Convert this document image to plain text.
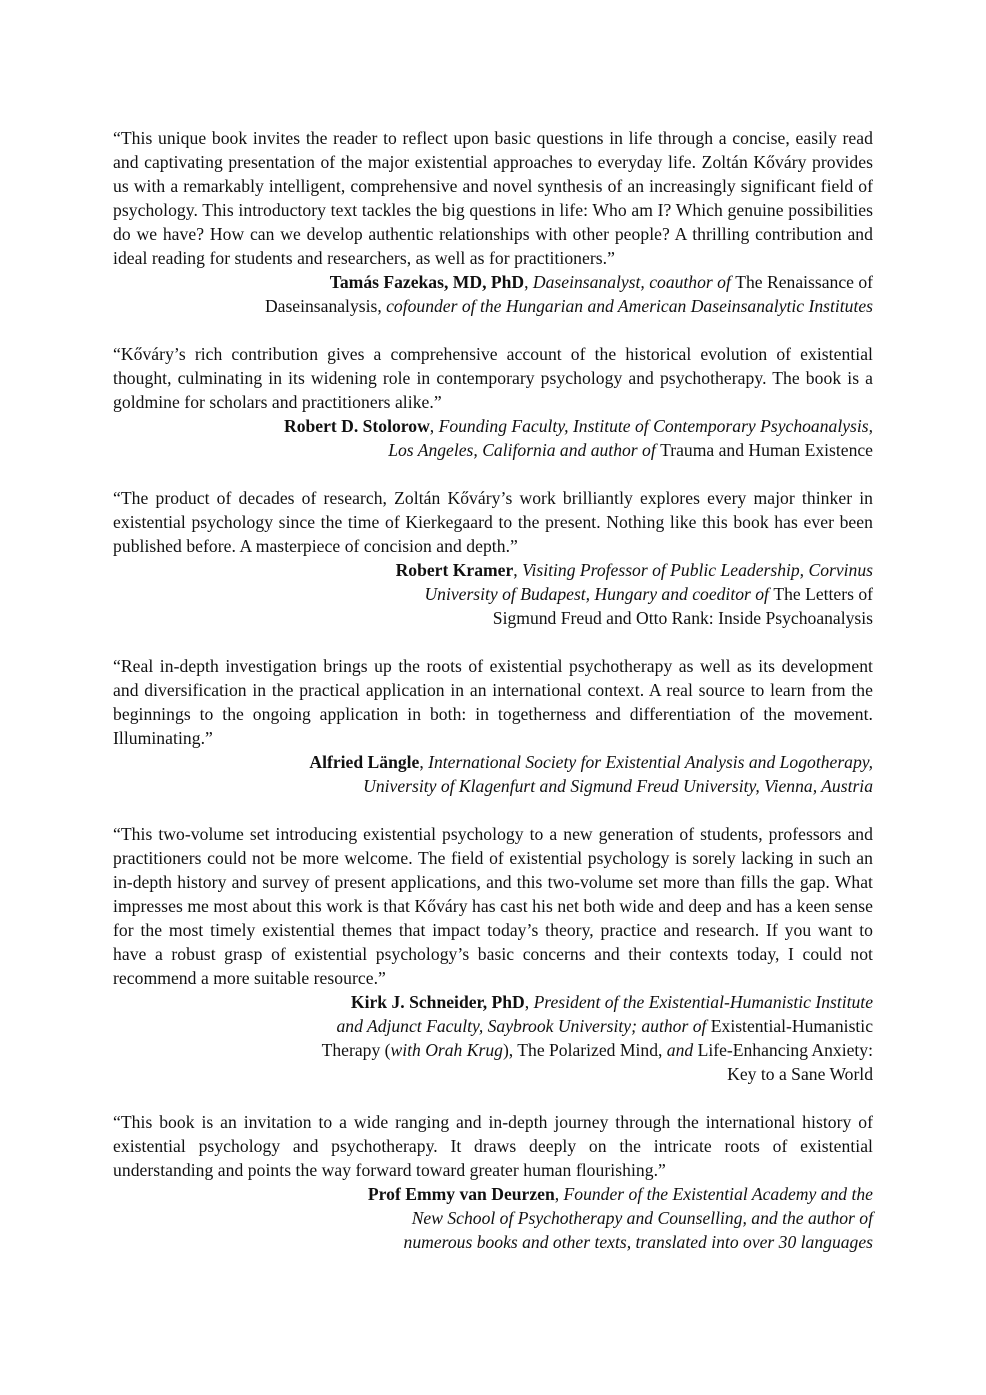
“This unique book invites the reader to reflect upon basic questions in life through a concise, easily read and captivating presentation of the major existential approaches to everyday life. Zoltán Kőváry provides us with a remarkably intelligent, comprehensive and novel synthesis of an increasingly significant field of psychology. This introductory text tackles the big questions in life: Who am I? Which genuine possibilities do we have? How can we develop authentic relationships with other people? A thrilling contribution and ideal reading for students and researchers, as well as for practitioners.”

Tamás Fazekas, MD, PhD, Daseinsanalyst, coauthor of The Renaissance of
Daseinsanalysis, cofounder of the Hungarian and American Daseinsanalytic Institutes

“Kőváry’s rich contribution gives a comprehensive account of the historical evolution of existential thought, culminating in its widening role in contemporary psychology and psychotherapy. The book is a goldmine for scholars and practitioners alike.”

Robert D. Stolorow, Founding Faculty, Institute of Contemporary Psychoanalysis,
Los Angeles, California and author of Trauma and Human Existence

“The product of decades of research, Zoltán Kőváry’s work brilliantly explores every major thinker in existential psychology since the time of Kierkegaard to the present. Nothing like this book has ever been published before. A masterpiece of concision and depth.”

Robert Kramer, Visiting Professor of Public Leadership, Corvinus
University of Budapest, Hungary and coeditor of The Letters of
Sigmund Freud and Otto Rank: Inside Psychoanalysis

“Real in-depth investigation brings up the roots of existential psychotherapy as well as its development and diversification in the practical application in an international context. A real source to learn from the beginnings to the ongoing application in both: in togetherness and differentiation of the movement. Illuminating.”

Alfried Längle, International Society for Existential Analysis and Logotherapy,
University of Klagenfurt and Sigmund Freud University, Vienna, Austria

“This two-volume set introducing existential psychology to a new generation of students, professors and practitioners could not be more welcome. The field of existential psychology is sorely lacking in such an in-depth history and survey of present applications, and this two-volume set more than fills the gap. What impresses me most about this work is that Kőváry has cast his net both wide and deep and has a keen sense for the most timely existential themes that impact today’s theory, practice and research. If you want to have a robust grasp of existential psychology’s basic concerns and their contexts today, I could not recommend a more suitable resource.”

Kirk J. Schneider, PhD, President of the Existential-Humanistic Institute
and Adjunct Faculty, Saybrook University; author of Existential-Humanistic
Therapy (with Orah Krug), The Polarized Mind, and Life-Enhancing Anxiety:
Key to a Sane World

“This book is an invitation to a wide ranging and in-depth journey through the international history of existential psychology and psychotherapy. It draws deeply on the intricate roots of existential understanding and points the way forward toward greater human flourishing.”

Prof Emmy van Deurzen, Founder of the Existential Academy and the
New School of Psychotherapy and Counselling, and the author of
numerous books and other texts, translated into over 30 languages
